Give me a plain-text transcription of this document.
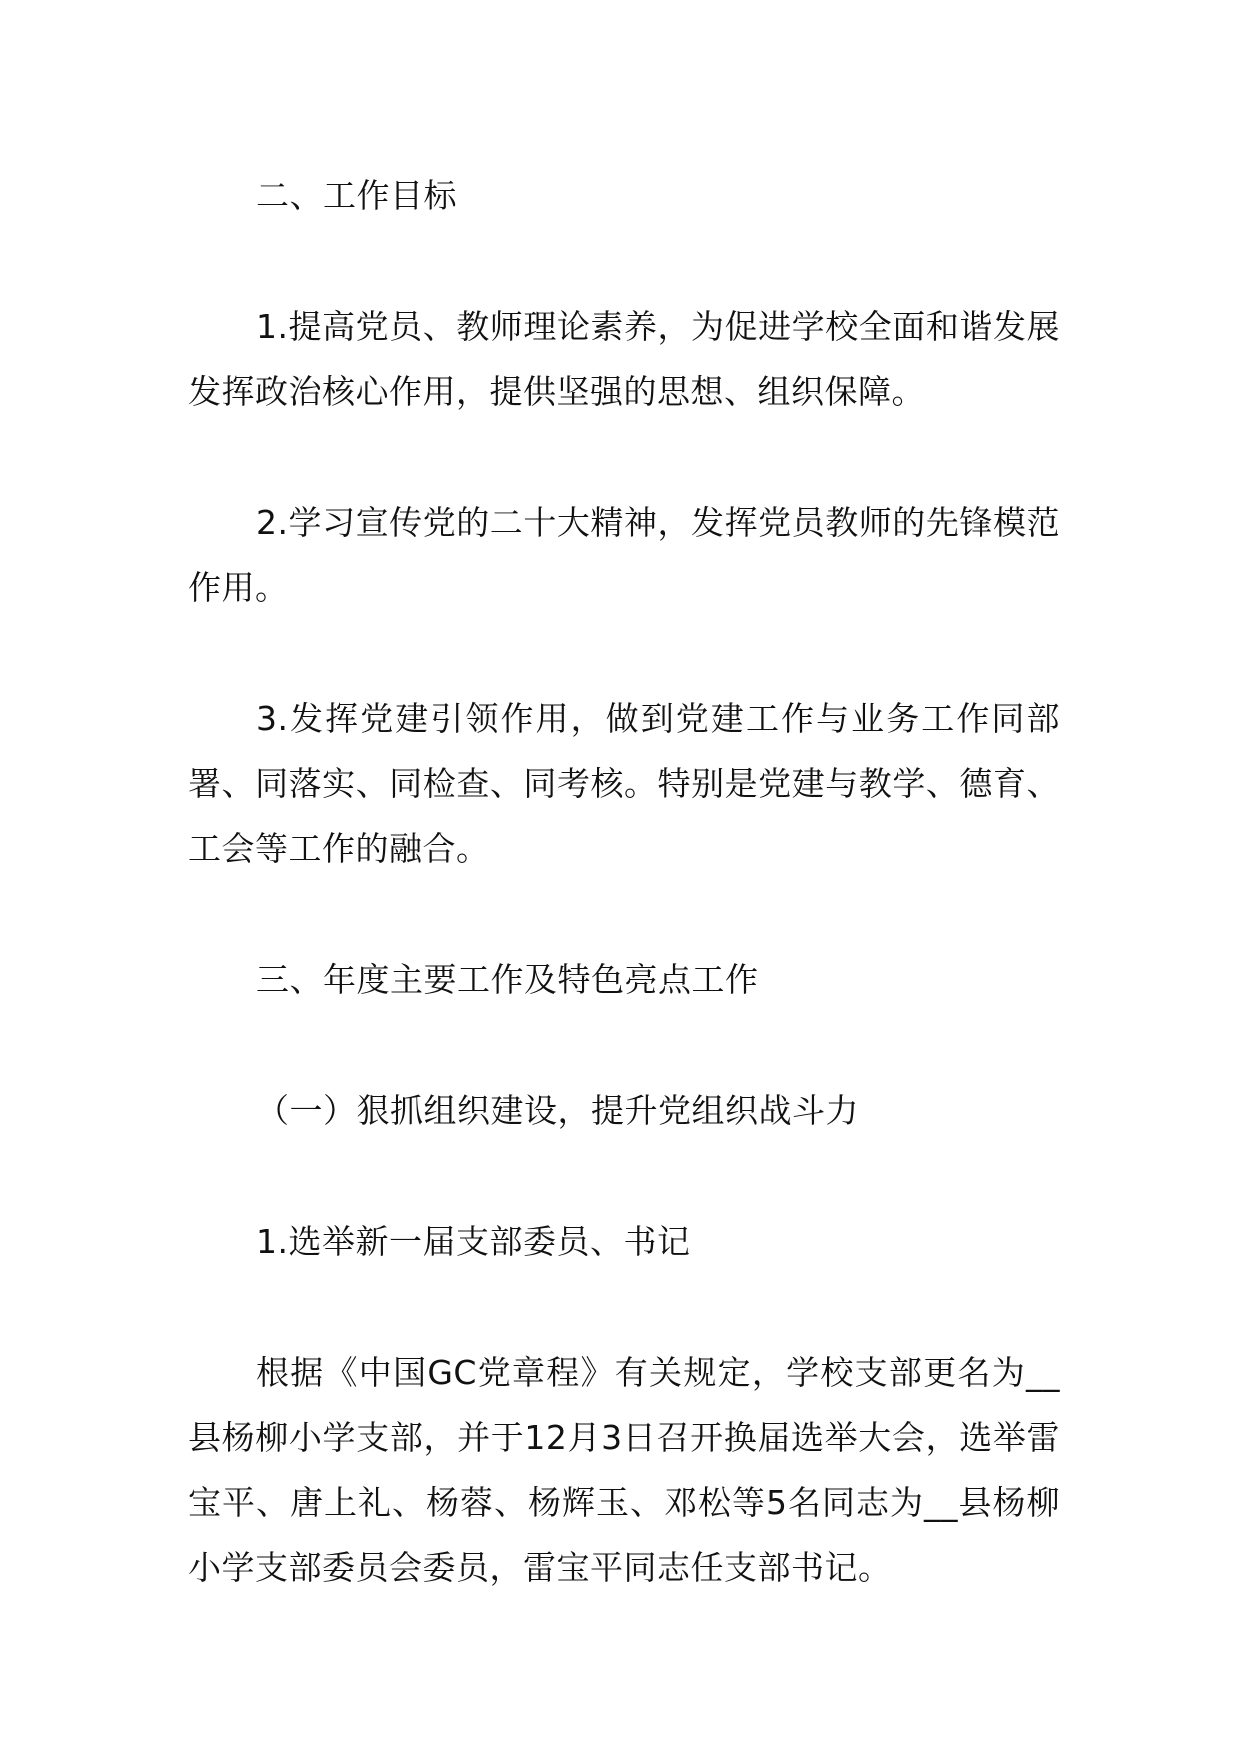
二、工作目标

1.提高党员、教师理论素养，为促进学校全面和谐发展发挥政治核心作用，提供坚强的思想、组织保障。

2.学习宣传党的二十大精神，发挥党员教师的先锋模范作用。

3.发挥党建引领作用，做到党建工作与业务工作同部署、同落实、同检查、同考核。特别是党建与教学、德育、工会等工作的融合。

三、年度主要工作及特色亮点工作

（一）狠抓组织建设，提升党组织战斗力

1.选举新一届支部委员、书记

根据《中国GC党章程》有关规定，学校支部更名为__县杨柳小学支部，并于12月3日召开换届选举大会，选举雷宝平、唐上礼、杨蓉、杨辉玉、邓松等5名同志为__县杨柳小学支部委员会委员，雷宝平同志任支部书记。
